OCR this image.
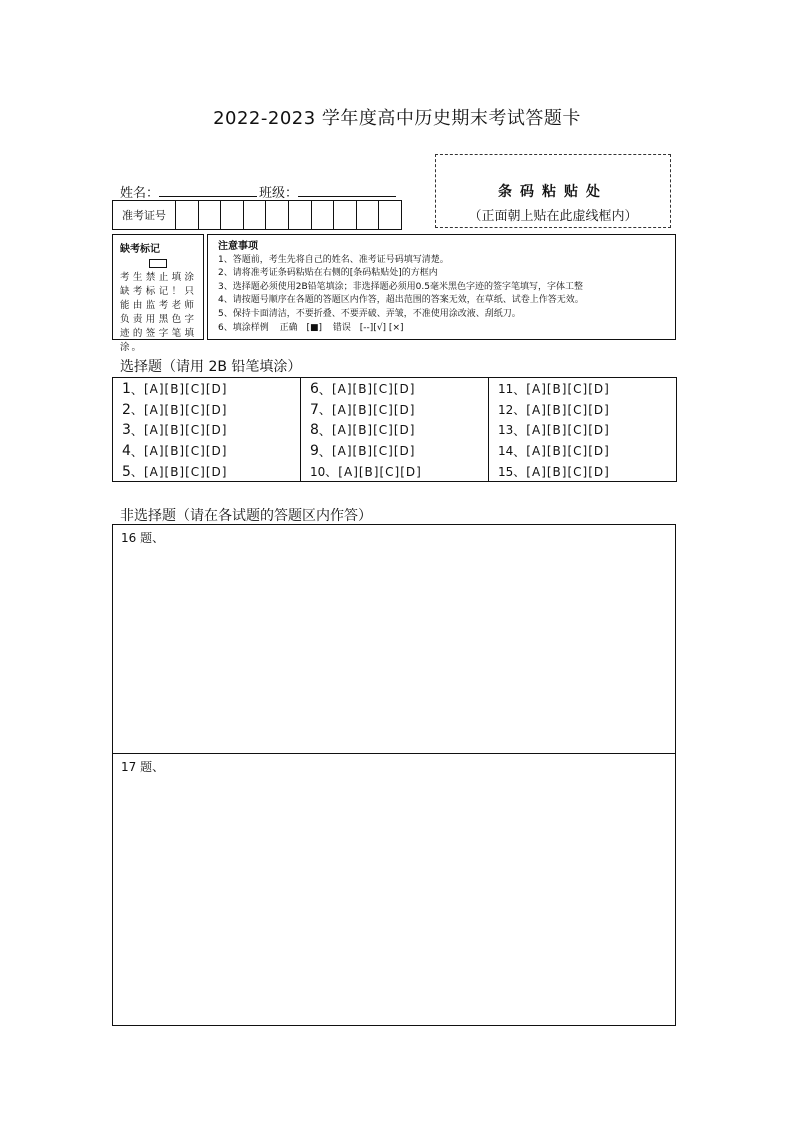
2022-2023 学年度高中历史期末考试答题卡
姓名：	班级：
准考证号
条码粘贴处
（正面朝上贴在此虚线框内）
缺考标记
考生禁止填涂缺考标记！只能由监考老师负责用黑色字迹的签字笔填涂。
注意事项
1、答题前，考生先将自己的姓名、准考证号码填写清楚。
2、请将准考证条码粘贴在右侧的[条码粘贴处]的方框内
3、选择题必须使用2B铅笔填涂；非选择题必须用0.5毫米黑色字迹的签字笔填写，字体工整
4、请按题号顺序在各题的答题区内作答，超出范围的答案无效，在草纸、试卷上作答无效。
5、保持卡面清洁，不要折叠、不要弄破、弄皱，不准使用涂改液、刮纸刀。
6、填涂样例 正确 [■] 错误 [--][√] [×]
选择题（请用 2B 铅笔填涂）
1 、 [A][B][C][D]
2 、 [A][B][C][D]
3 、 [A][B][C][D]
4 、 [A][B][C][D]
5 、 [A][B][C][D]
6 、 [A][B][C][D]
7 、 [A][B][C][D]
8 、 [A][B][C][D]
9 、 [A][B][C][D]
10 、 [A][B][C][D]
11 、 [A][B][C][D]
12 、 [A][B][C][D]
13 、 [A][B][C][D]
14 、 [A][B][C][D]
15 、 [A][B][C][D]
非选择题（请在各试题的答题区内作答）
16 题、
17 题、
